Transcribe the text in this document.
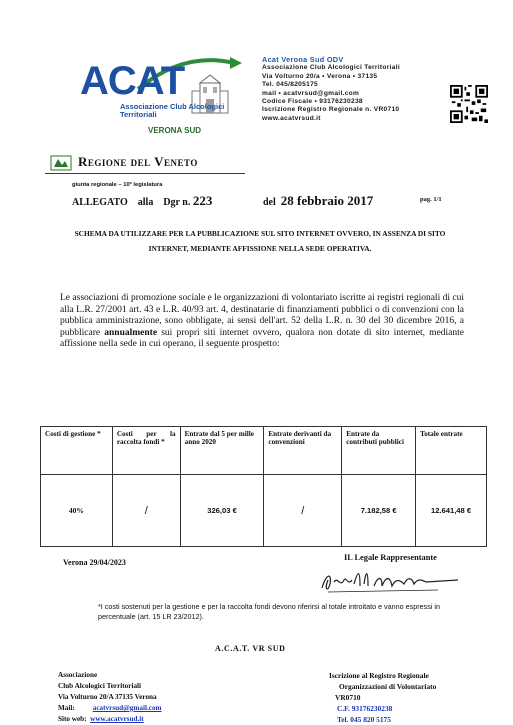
ACAT
Associazione Club Alcologici Territoriali
VERONA SUD
Acat Verona Sud ODV
Associazione Club Alcologici Territoriali
Via Volturno 20/a • Verona • 37135
Tel. 045/8205175
mail • acatvrsud@gmail.com
Codice Fiscale • 93176230238
Iscrizione Registro Regionale n. VR0710
www.acatvrsud.it
Regione del Veneto
giunta regionale – 10ª legislatura
ALLEGATO alla Dgr n. 223	del 28 febbraio 2017	pag. 1/1
SCHEMA DA UTILIZZARE PER LA PUBBLICAZIONE SUL SITO INTERNET OVVERO, IN ASSENZA DI SITO INTERNET, MEDIANTE AFFISSIONE NELLA SEDE OPERATIVA.
Le associazioni di promozione sociale e le organizzazioni di volontariato iscritte ai registri regionali di cui alla L.R. 27/2001 art. 43 e L.R. 40/93 art. 4, destinatarie di finanziamenti pubblici o di convenzioni con la pubblica amministrazione, sono obbligate, ai sensi dell'art. 52 della L.R. n. 30 del 30 dicembre 2016, a pubblicare annualmente sui propri siti internet ovvero, qualora non dotate di sito internet, mediante affissione nella sede in cui operano, il seguente prospetto:
Costi di gestione *	Costi per la raccolta fondi *	Entrate dal 5 per mille anno 2020	Entrate derivanti da convenzioni	Entrate da contributi pubblici	Totale entrate
40%	/	326,03 €	/	7.182,58 €	12.641,48 €
Verona 29/04/2023
IL Legale Rappresentante
*I costi sostenuti per la gestione e per la raccolta fondi devono riferirsi al totale introitato e vanno espressi in percentuale (art. 15 LR 23/2012).
A.C.A.T. VR SUD
Associazione
Club Alcologici Territoriali
Via Volturno 20/A 37135 Verona
Mail:	acatvrsud@gmail.com
Sito web: www.acatvrsud.it
Iscrizione al Registro Regionale
Organizzazioni di Volontariato
VR0710
C.F. 93176230238
Tel. 045 820 5175
